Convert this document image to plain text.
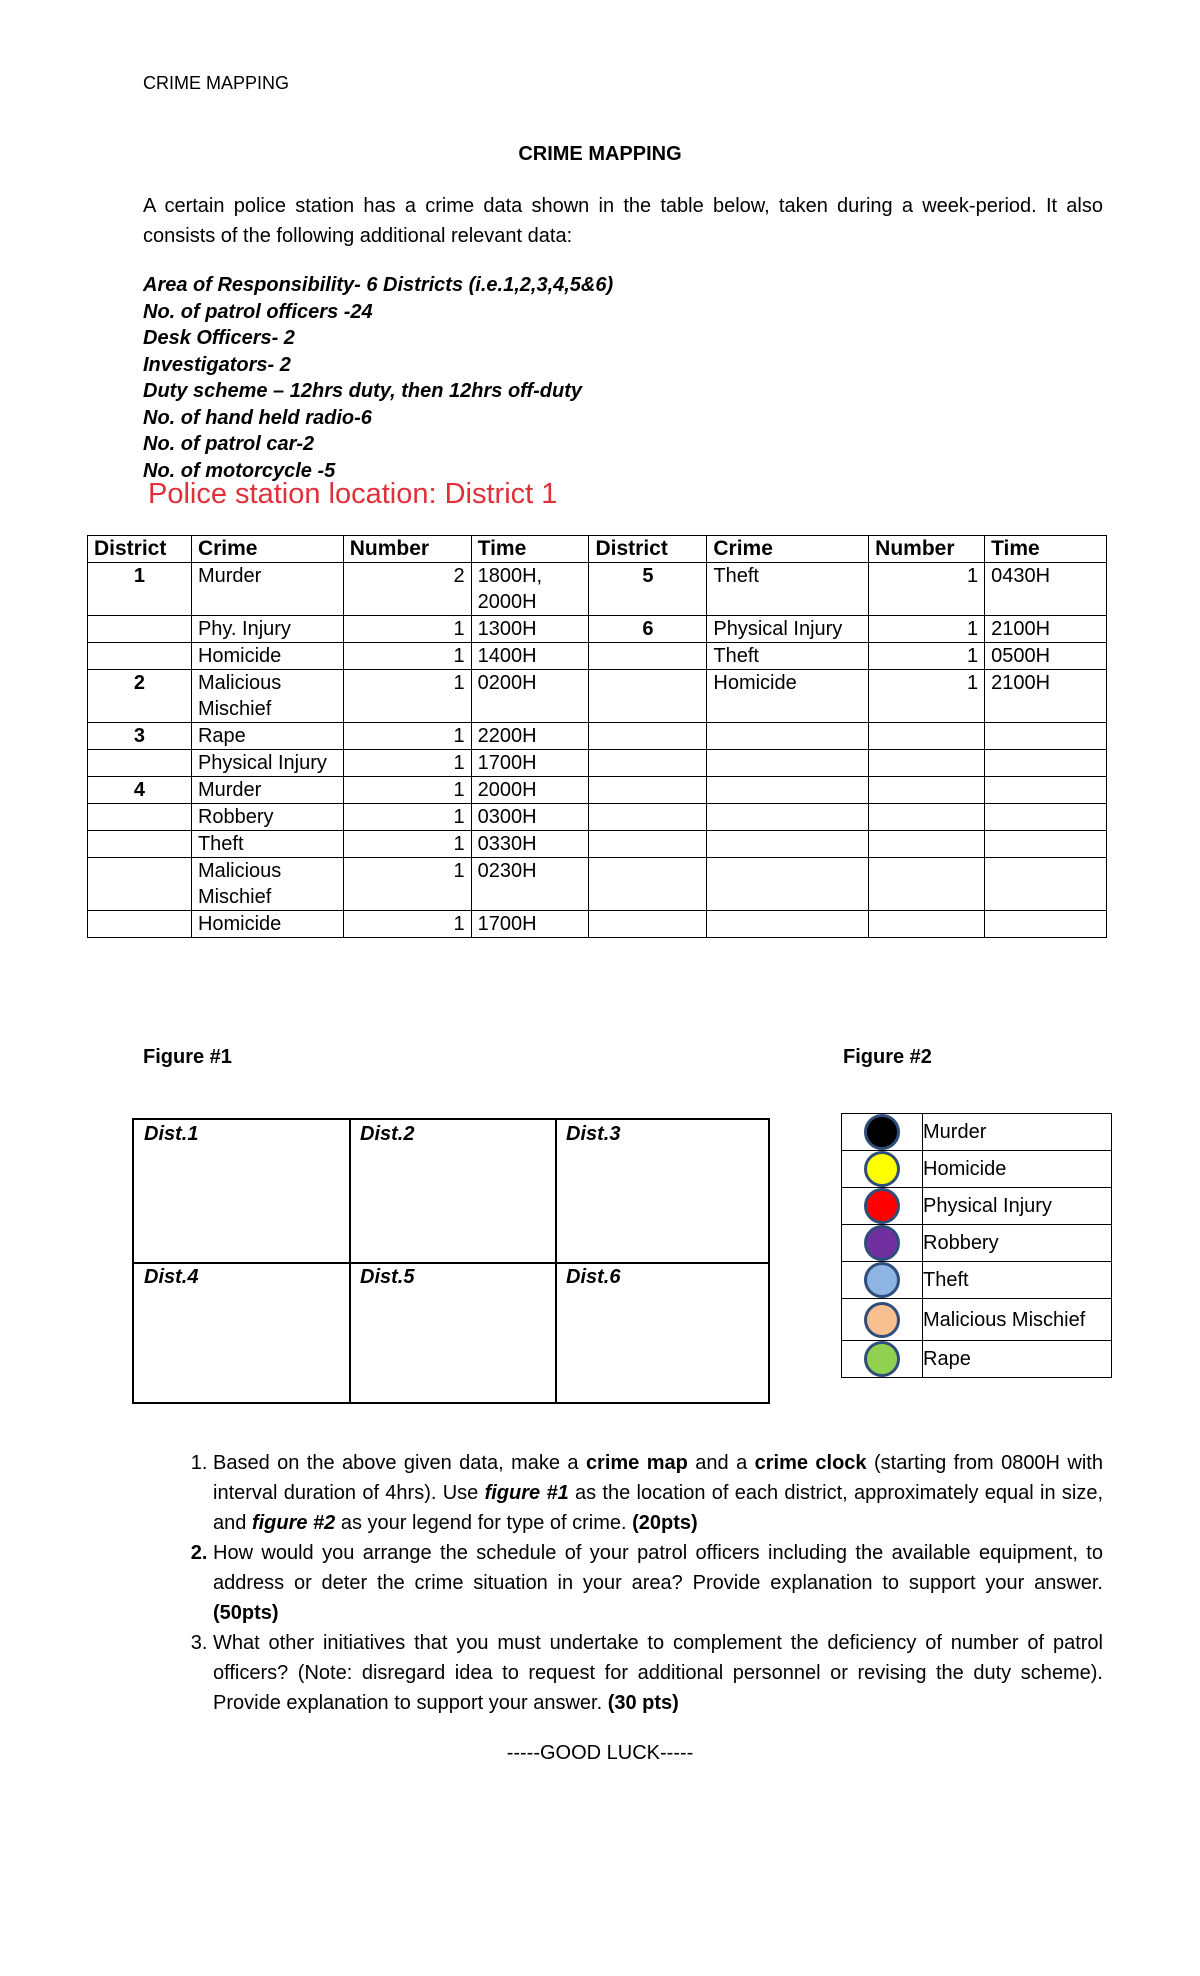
CRIME MAPPING
CRIME MAPPING
A certain police station has a crime data shown in the table below, taken during a week-period. It also consists of the following additional relevant data:
Area of Responsibility- 6 Districts (i.e.1,2,3,4,5&6)
No. of patrol officers -24
Desk Officers- 2
Investigators- 2
Duty scheme – 12hrs duty, then 12hrs off-duty
No. of hand held radio-6
No. of patrol car-2
No. of motorcycle -5
Police station location: District 1
District	Crime	Number	Time	District	Crime	Number	Time
1	Murder	2	1800H, 2000H	5	Theft	1	0430H
	Phy. Injury	1	1300H	6	Physical Injury	1	2100H
	Homicide	1	1400H		Theft	1	0500H
2	Malicious Mischief	1	0200H		Homicide	1	2100H
3	Rape	1	2200H				
	Physical Injury	1	1700H				
4	Murder	1	2000H				
	Robbery	1	0300H				
	Theft	1	0330H				
	Malicious Mischief	1	0230H				
	Homicide	1	1700H				
Figure #1	Figure #2
Dist.1	Dist.2	Dist.3
Dist.4	Dist.5	Dist.6
	Murder
	Homicide
	Physical Injury
	Robbery
	Theft
	Malicious Mischief
	Rape
1. Based on the above given data, make a crime map and a crime clock (starting from 0800H with interval duration of 4hrs). Use figure #1 as the location of each district, approximately equal in size, and figure #2 as your legend for type of crime. (20pts)
2. How would you arrange the schedule of your patrol officers including the available equipment, to address or deter the crime situation in your area? Provide explanation to support your answer.(50pts)
3. What other initiatives that you must undertake to complement the deficiency of number of patrol officers? (Note: disregard idea to request for additional personnel or revising the duty scheme). Provide explanation to support your answer. (30 pts)
-----GOOD LUCK-----
